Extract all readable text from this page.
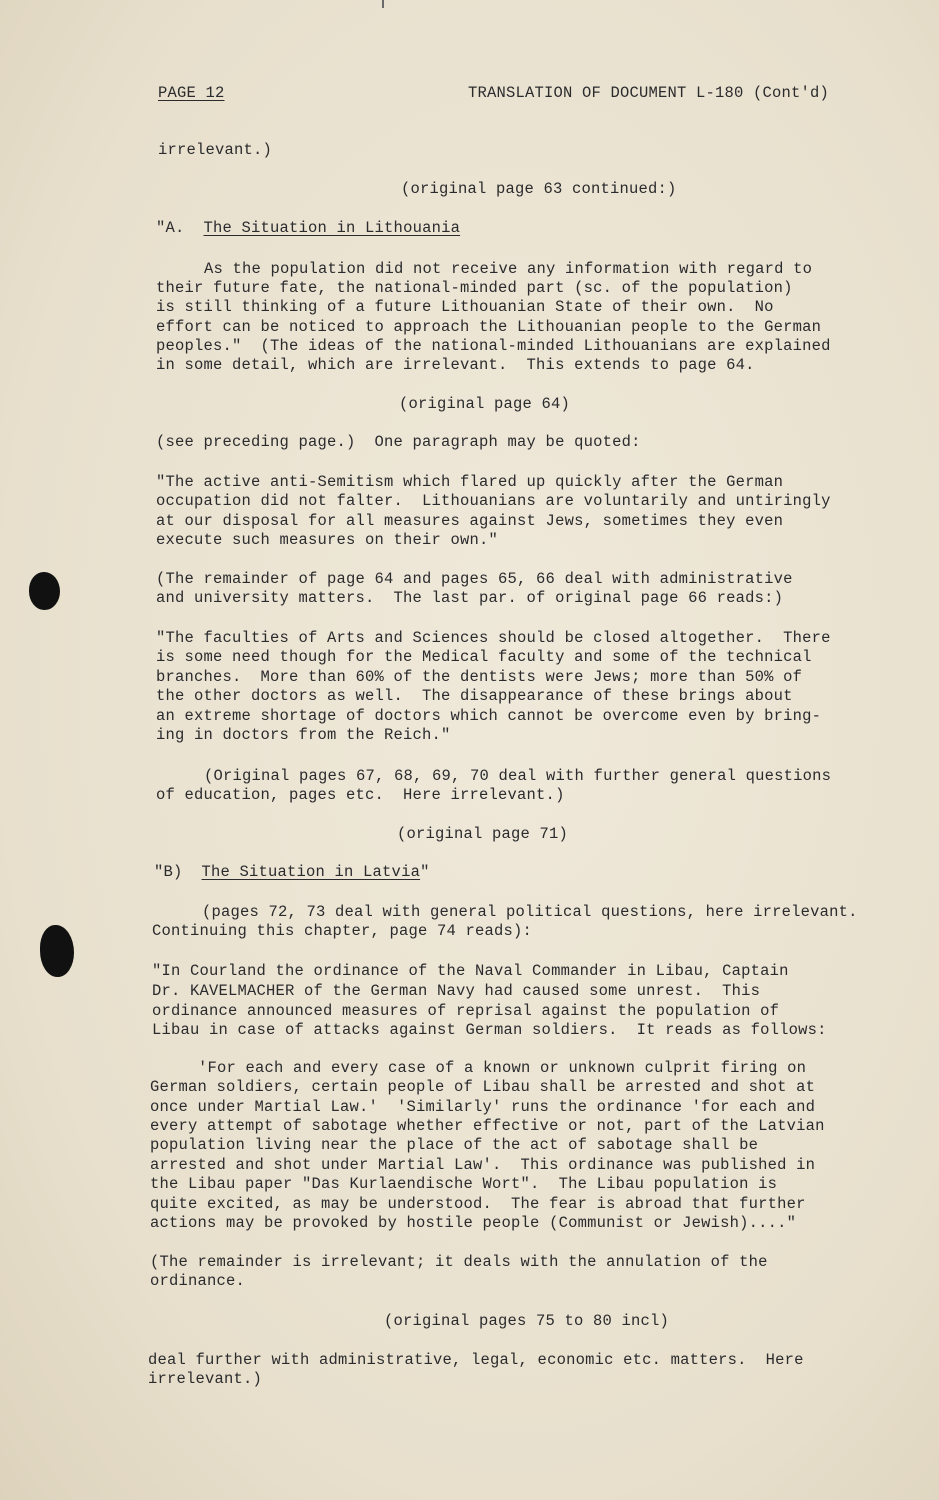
PAGE 12	TRANSLATION OF DOCUMENT L-180 (Cont'd)
irrelevant.)
(original page 63 continued:)
"A. The Situation in Lithouania
As the population did not receive any information with regard to
their future fate, the national-minded part (sc. of the population)
is still thinking of a future Lithouanian State of their own.  No
effort can be noticed to approach the Lithouanian people to the German
peoples."  (The ideas of the national-minded Lithouanians are explained
in some detail, which are irrelevant.  This extends to page 64.
(original page 64)
(see preceding page.)  One paragraph may be quoted:
"The active anti-Semitism which flared up quickly after the German
occupation did not falter.  Lithouanians are voluntarily and untiringly
at our disposal for all measures against Jews, sometimes they even
execute such measures on their own."
(The remainder of page 64 and pages 65, 66 deal with administrative
and university matters.  The last par. of original page 66 reads:)
"The faculties of Arts and Sciences should be closed altogether.  There
is some need though for the Medical faculty and some of the technical
branches.  More than 60% of the dentists were Jews; more than 50% of
the other doctors as well.  The disappearance of these brings about
an extreme shortage of doctors which cannot be overcome even by bring-
ing in doctors from the Reich."
(Original pages 67, 68, 69, 70 deal with further general questions
of education, pages etc.  Here irrelevant.)
(original page 71)
"B) The Situation in Latvia"
(pages 72, 73 deal with general political questions, here irrelevant.
Continuing this chapter, page 74 reads):
"In Courland the ordinance of the Naval Commander in Libau, Captain
Dr. KAVELMACHER of the German Navy had caused some unrest.  This
ordinance announced measures of reprisal against the population of
Libau in case of attacks against German soldiers.  It reads as follows:
'For each and every case of a known or unknown culprit firing on
German soldiers, certain people of Libau shall be arrested and shot at
once under Martial Law.'  'Similarly' runs the ordinance 'for each and
every attempt of sabotage whether effective or not, part of the Latvian
population living near the place of the act of sabotage shall be
arrested and shot under Martial Law'.  This ordinance was published in
the Libau paper "Das Kurlaendische Wort".  The Libau population is
quite excited, as may be understood.  The fear is abroad that further
actions may be provoked by hostile people (Communist or Jewish)...."
(The remainder is irrelevant; it deals with the annulation of the
ordinance.
(original pages 75 to 80 incl)
deal further with administrative, legal, economic etc. matters.  Here
irrelevant.)
